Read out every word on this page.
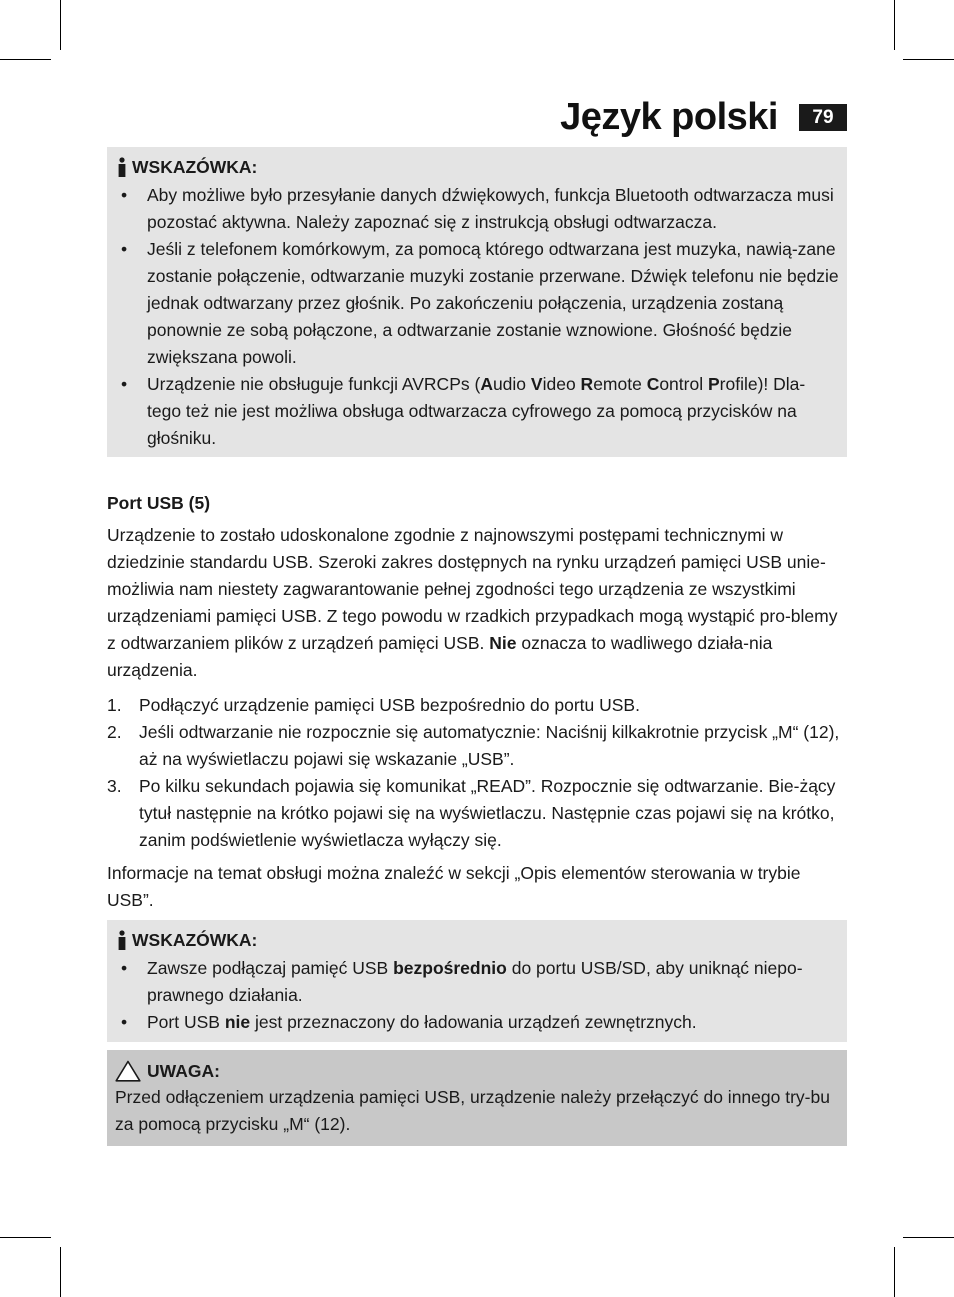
Język polski	79
WSKAZÓWKA:
• Aby możliwe było przesyłanie danych dźwiękowych, funkcja Bluetooth odtwarzacza musi pozostać aktywna. Należy zapoznać się z instrukcją obsługi odtwarzacza.
• Jeśli z telefonem komórkowym, za pomocą którego odtwarzana jest muzyka, nawią-zane zostanie połączenie, odtwarzanie muzyki zostanie przerwane. Dźwięk telefonu nie będzie jednak odtwarzany przez głośnik. Po zakończeniu połączenia, urządzenia zostaną ponownie ze sobą połączone, a odtwarzanie zostanie wznowione. Głośność będzie zwiększana powoli.
• Urządzenie nie obsługuje funkcji AVRCPs (Audio Video Remote Control Profile)! Dla-tego też nie jest możliwa obsługa odtwarzacza cyfrowego za pomocą przycisków na głośniku.
Port USB (5)
Urządzenie to zostało udoskonalone zgodnie z najnowszymi postępami technicznymi w dziedzinie standardu USB. Szeroki zakres dostępnych na rynku urządzeń pamięci USB unie-możliwia nam niestety zagwarantowanie pełnej zgodności tego urządzenia ze wszystkimi urządzeniami pamięci USB. Z tego powodu w rzadkich przypadkach mogą wystąpić pro-blemy z odtwarzaniem plików z urządzeń pamięci USB. Nie oznacza to wadliwego działa-nia urządzenia.
1. Podłączyć urządzenie pamięci USB bezpośrednio do portu USB.
2. Jeśli odtwarzanie nie rozpocznie się automatycznie: Naciśnij kilkakrotnie przycisk „M“ (12), aż na wyświetlaczu pojawi się wskazanie „USB”.
3. Po kilku sekundach pojawia się komunikat „READ”. Rozpocznie się odtwarzanie. Bie-żący tytuł następnie na krótko pojawi się na wyświetlaczu. Następnie czas pojawi się na krótko, zanim podświetlenie wyświetlacza wyłączy się.
Informacje na temat obsługi można znaleźć w sekcji „Opis elementów sterowania w trybie USB”.
WSKAZÓWKA:
• Zawsze podłączaj pamięć USB bezpośrednio do portu USB/SD, aby uniknąć niepo-prawnego działania.
• Port USB nie jest przeznaczony do ładowania urządzeń zewnętrznych.
UWAGA:
Przed odłączeniem urządzenia pamięci USB, urządzenie należy przełączyć do innego try-bu za pomocą przycisku „M“ (12).
